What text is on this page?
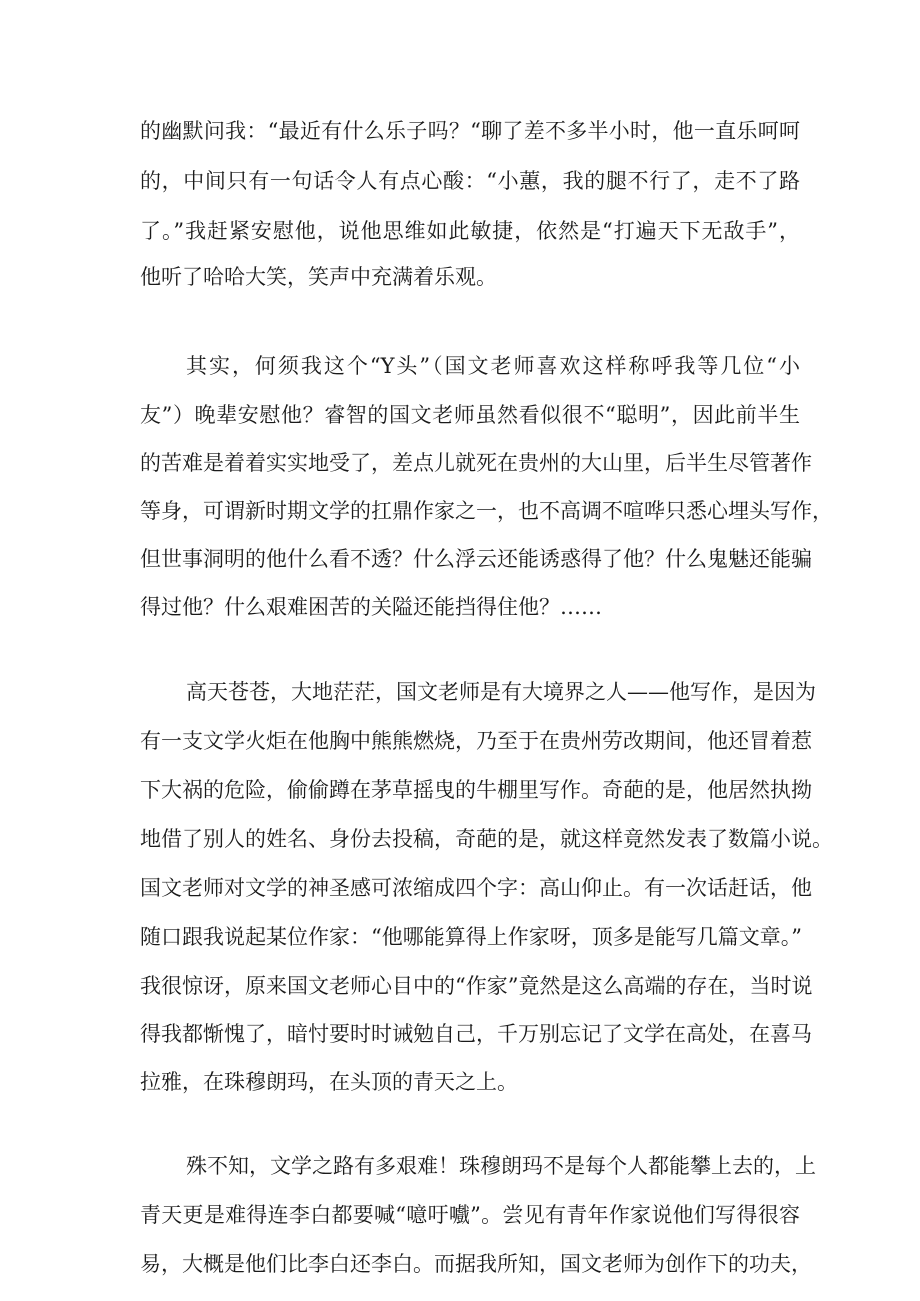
的幽默问我：“最近有什么乐子吗？“聊了差不多半小时，他一直乐呵呵
的，中间只有一句话令人有点心酸：“小蕙，我的腿不行了，走不了路
了。”我赶紧安慰他，说他思维如此敏捷，依然是“打遍天下无敌手”，
他听了哈哈大笑，笑声中充满着乐观。
其实，何须我这个“Y头”（国文老师喜欢这样称呼我等几位“小
友”）晚辈安慰他？睿智的国文老师虽然看似很不“聪明”，因此前半生
的苦难是着着实实地受了，差点儿就死在贵州的大山里，后半生尽管著作
等身，可谓新时期文学的扛鼎作家之一，也不高调不喧哗只悉心埋头写作，
但世事洞明的他什么看不透？什么浮云还能诱惑得了他？什么鬼魅还能骗
得过他？什么艰难困苦的关隘还能挡得住他？……
高天苍苍，大地茫茫，国文老师是有大境界之人——他写作，是因为
有一支文学火炬在他胸中熊熊燃烧，乃至于在贵州劳改期间，他还冒着惹
下大祸的危险，偷偷蹲在茅草摇曳的牛棚里写作。奇葩的是，他居然执拗
地借了别人的姓名、身份去投稿，奇葩的是，就这样竟然发表了数篇小说。
国文老师对文学的神圣感可浓缩成四个字：高山仰止。有一次话赶话，他
随口跟我说起某位作家：“他哪能算得上作家呀，顶多是能写几篇文章。”
我很惊讶，原来国文老师心目中的“作家”竟然是这么高端的存在，当时说
得我都惭愧了，暗忖要时时诫勉自己，千万别忘记了文学在高处，在喜马
拉雅，在珠穆朗玛，在头顶的青天之上。
殊不知，文学之路有多艰难！珠穆朗玛不是每个人都能攀上去的，上
青天更是难得连李白都要喊“噫吁嚱”。尝见有青年作家说他们写得很容
易，大概是他们比李白还李白。而据我所知，国文老师为创作下的功夫，
